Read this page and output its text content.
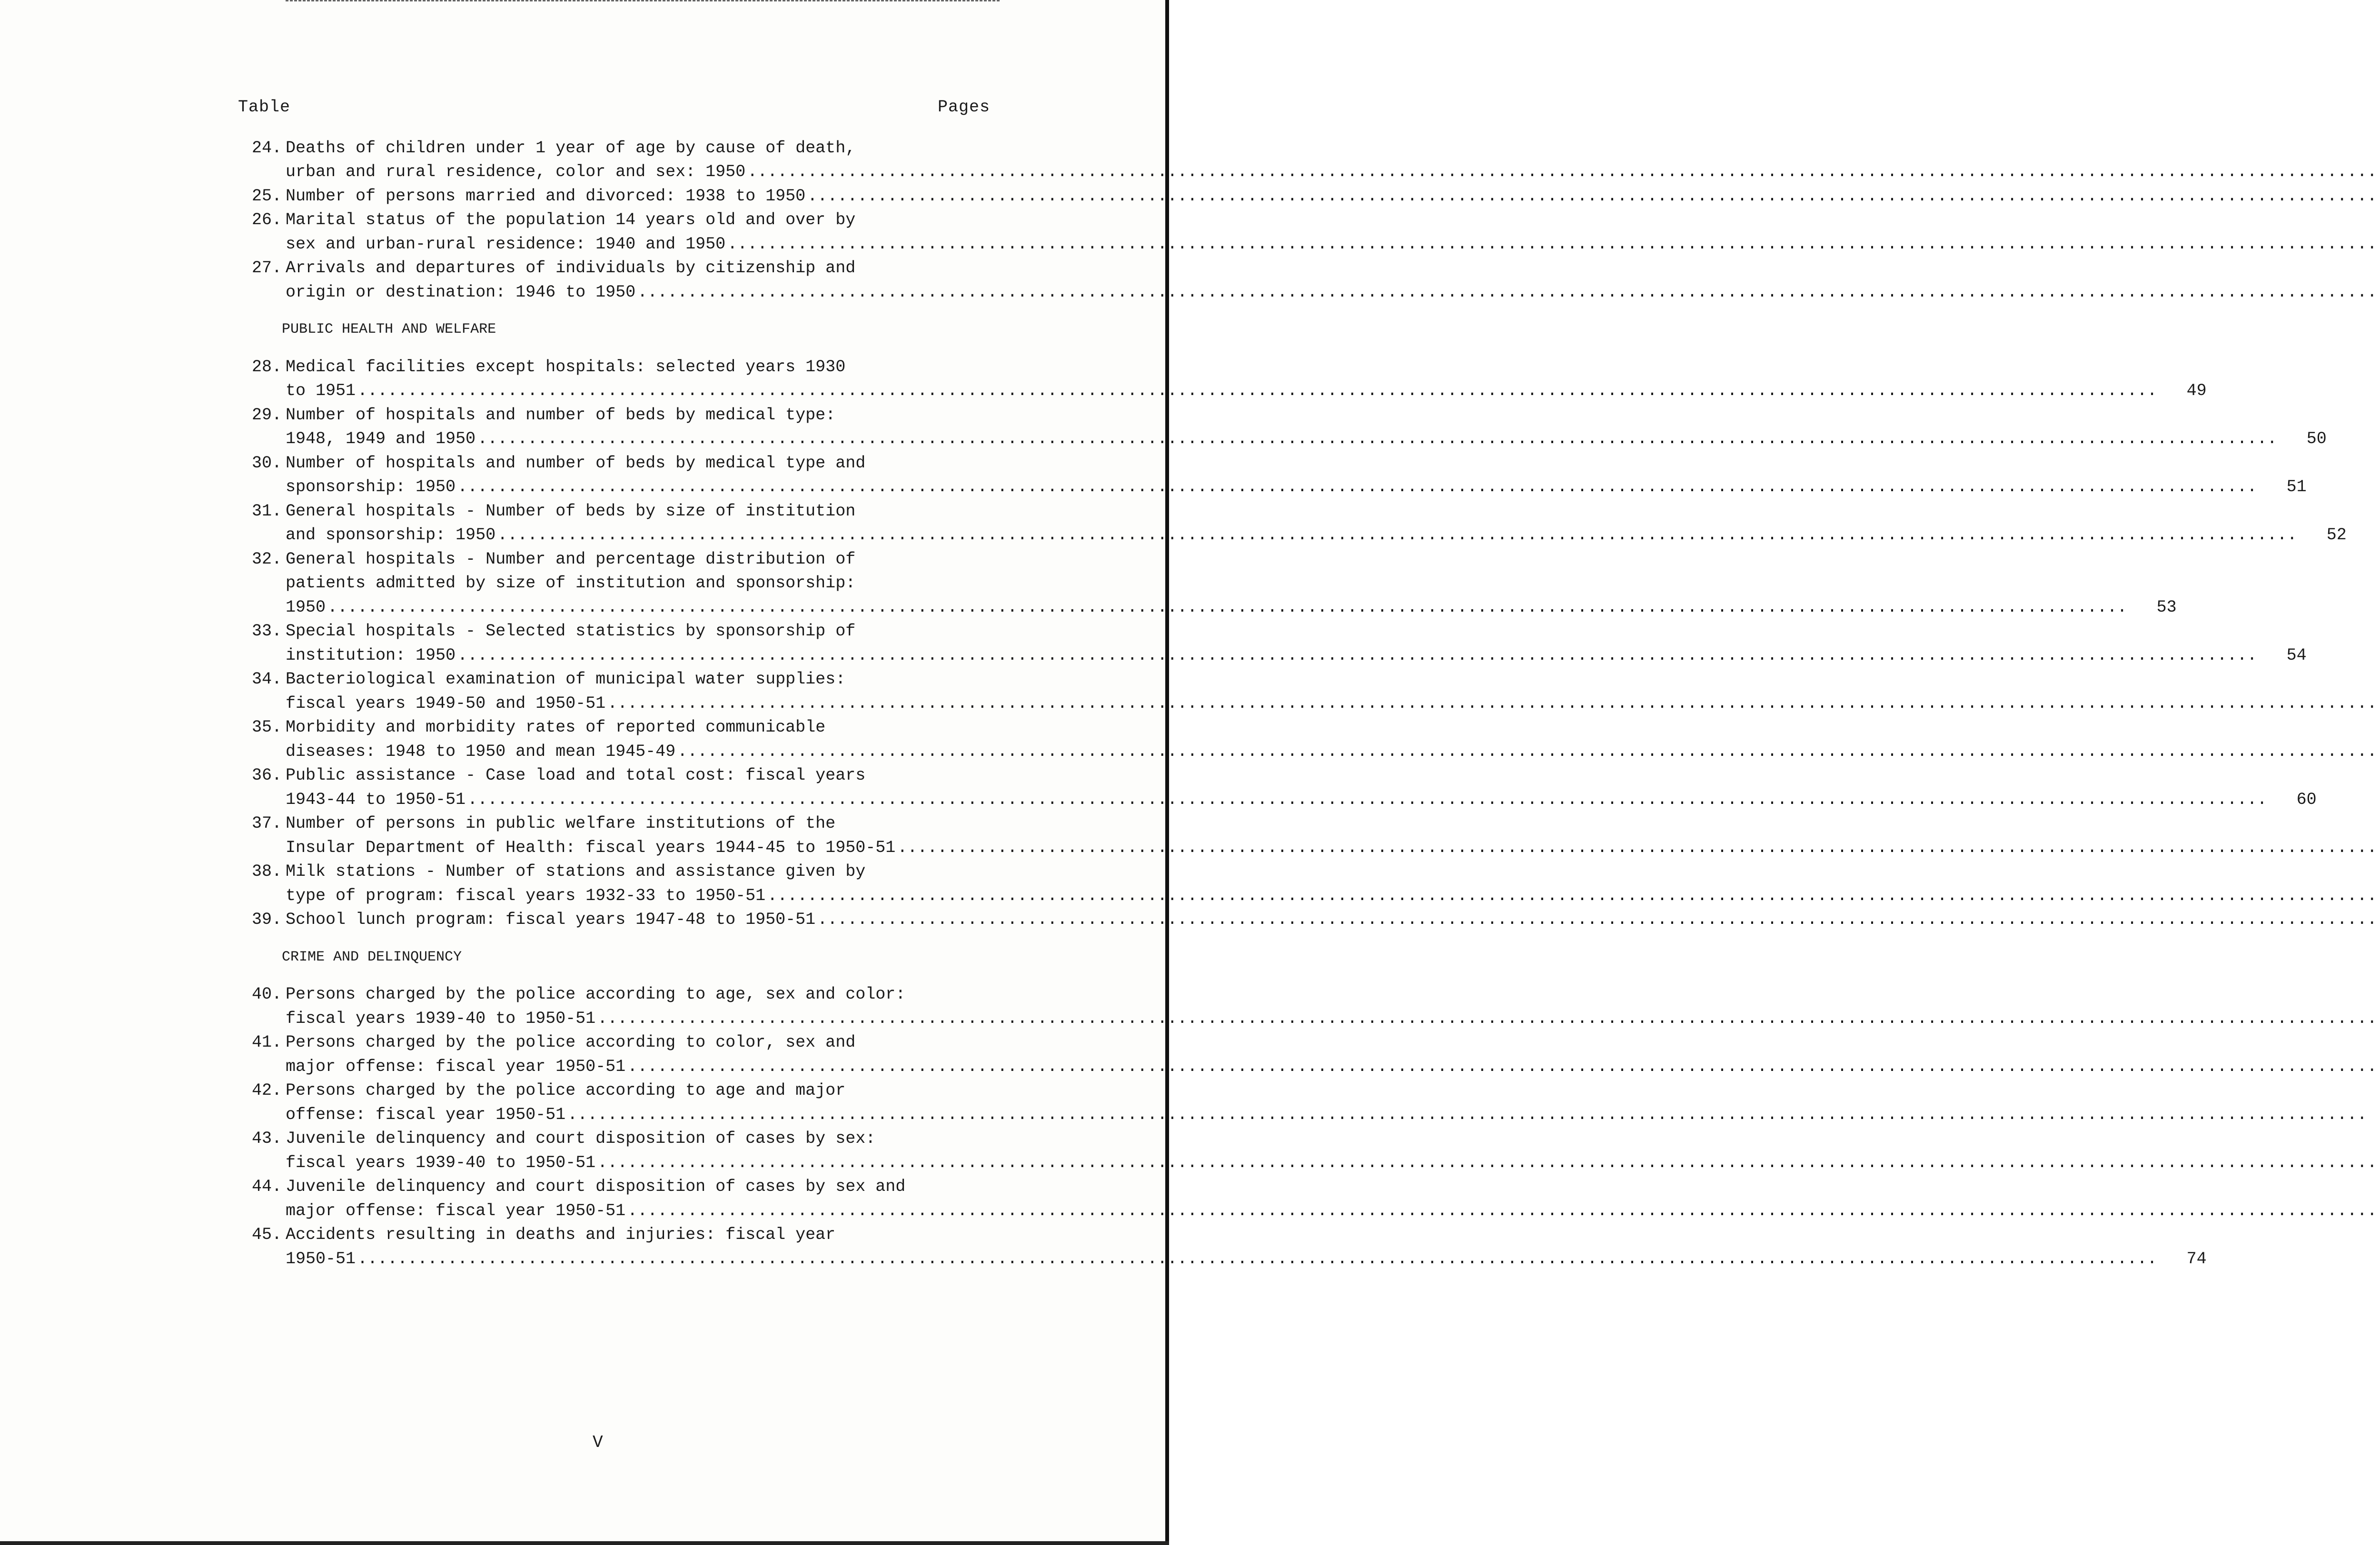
Table	Pages
24. Deaths of children under 1 year of age by cause of death,
urban and rural residence, color and sex: 1950
.....
25. Number of persons married and divorced: 1938 to 1950
.....
26. Marital status of the population 14 years old and over by
sex and urban-rural residence: 1940 and 1950
.....
27. Arrivals and departures of individuals by citizenship and
origin or destination: 1946 to 1950
.....
PUBLIC HEALTH AND WELFARE
28. Medical facilities except hospitals: selected years 1930
to 1951 .....	49
29. Number of hospitals and number of beds by medical type:
1948, 1949 and 1950 .....	50
30. Number of hospitals and number of beds by medical type and
sponsorship: 1950 .....	51
31. General hospitals - Number of beds by size of institution
and sponsorship: 1950 .....	52
32. General hospitals - Number and percentage distribution of
patients admitted by size of institution and sponsorship:
1950 .....	53
33. Special hospitals - Selected statistics by sponsorship of
institution: 1950 .....	54
34. Bacteriological examination of municipal water supplies:
fiscal years 1949-50 and 1950-51
.....
35. Morbidity and morbidity rates of reported communicable
diseases: 1948 to 1950 and mean 1945-49
.....
36. Public assistance - Case load and total cost: fiscal years
1943-44 to 1950-51 .....	60
37. Number of persons in public welfare institutions of the
Insular Department of Health: fiscal years 1944-45 to 1950-51
.....
38. Milk stations - Number of stations and assistance given by
type of program: fiscal years 1932-33 to 1950-51
.....
39. School lunch program: fiscal years 1947-48 to 1950-51
.....
CRIME AND DELINQUENCY
40. Persons charged by the police according to age, sex and color:
fiscal years 1939-40 to 1950-51
.....
41. Persons charged by the police according to color, sex and
major offense: fiscal year 1950-51
.....
42. Persons charged by the police according to age and major
offense: fiscal year 1950-51
.....
43. Juvenile delinquency and court disposition of cases by sex:
fiscal years 1939-40 to 1950-51
.....
44. Juvenile delinquency and court disposition of cases by sex and
major offense: fiscal year 1950-51
.....
45. Accidents resulting in deaths and injuries: fiscal year
1950-51 .....	74
V
